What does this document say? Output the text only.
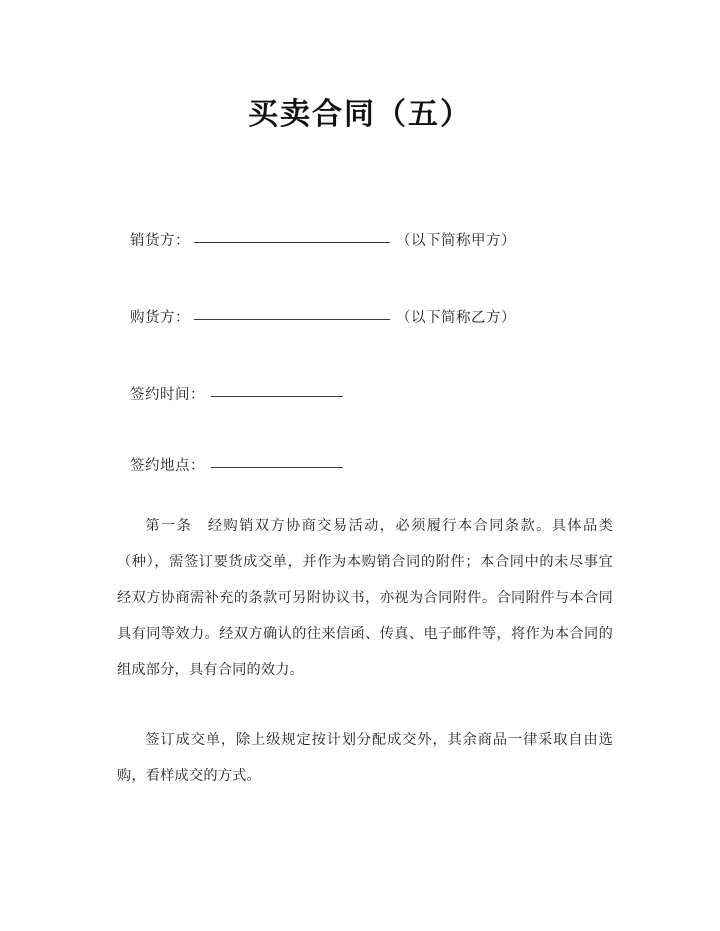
买卖合同（五）
销货方：	（以下简称甲方）
购货方：	（以下简称乙方）
签约时间：
签约地点：

第一条　经购销双方协商交易活动，必须履行本合同条款。具体品类（种），需签订要货成交单，并作为本购销合同的附件；本合同中的未尽事宜经双方协商需补充的条款可另附协议书，亦视为合同附件。合同附件与本合同具有同等效力。经双方确认的往来信函、传真、电子邮件等，将作为本合同的组成部分，具有合同的效力。

签订成交单，除上级规定按计划分配成交外，其余商品一律采取自由选购，看样成交的方式。
